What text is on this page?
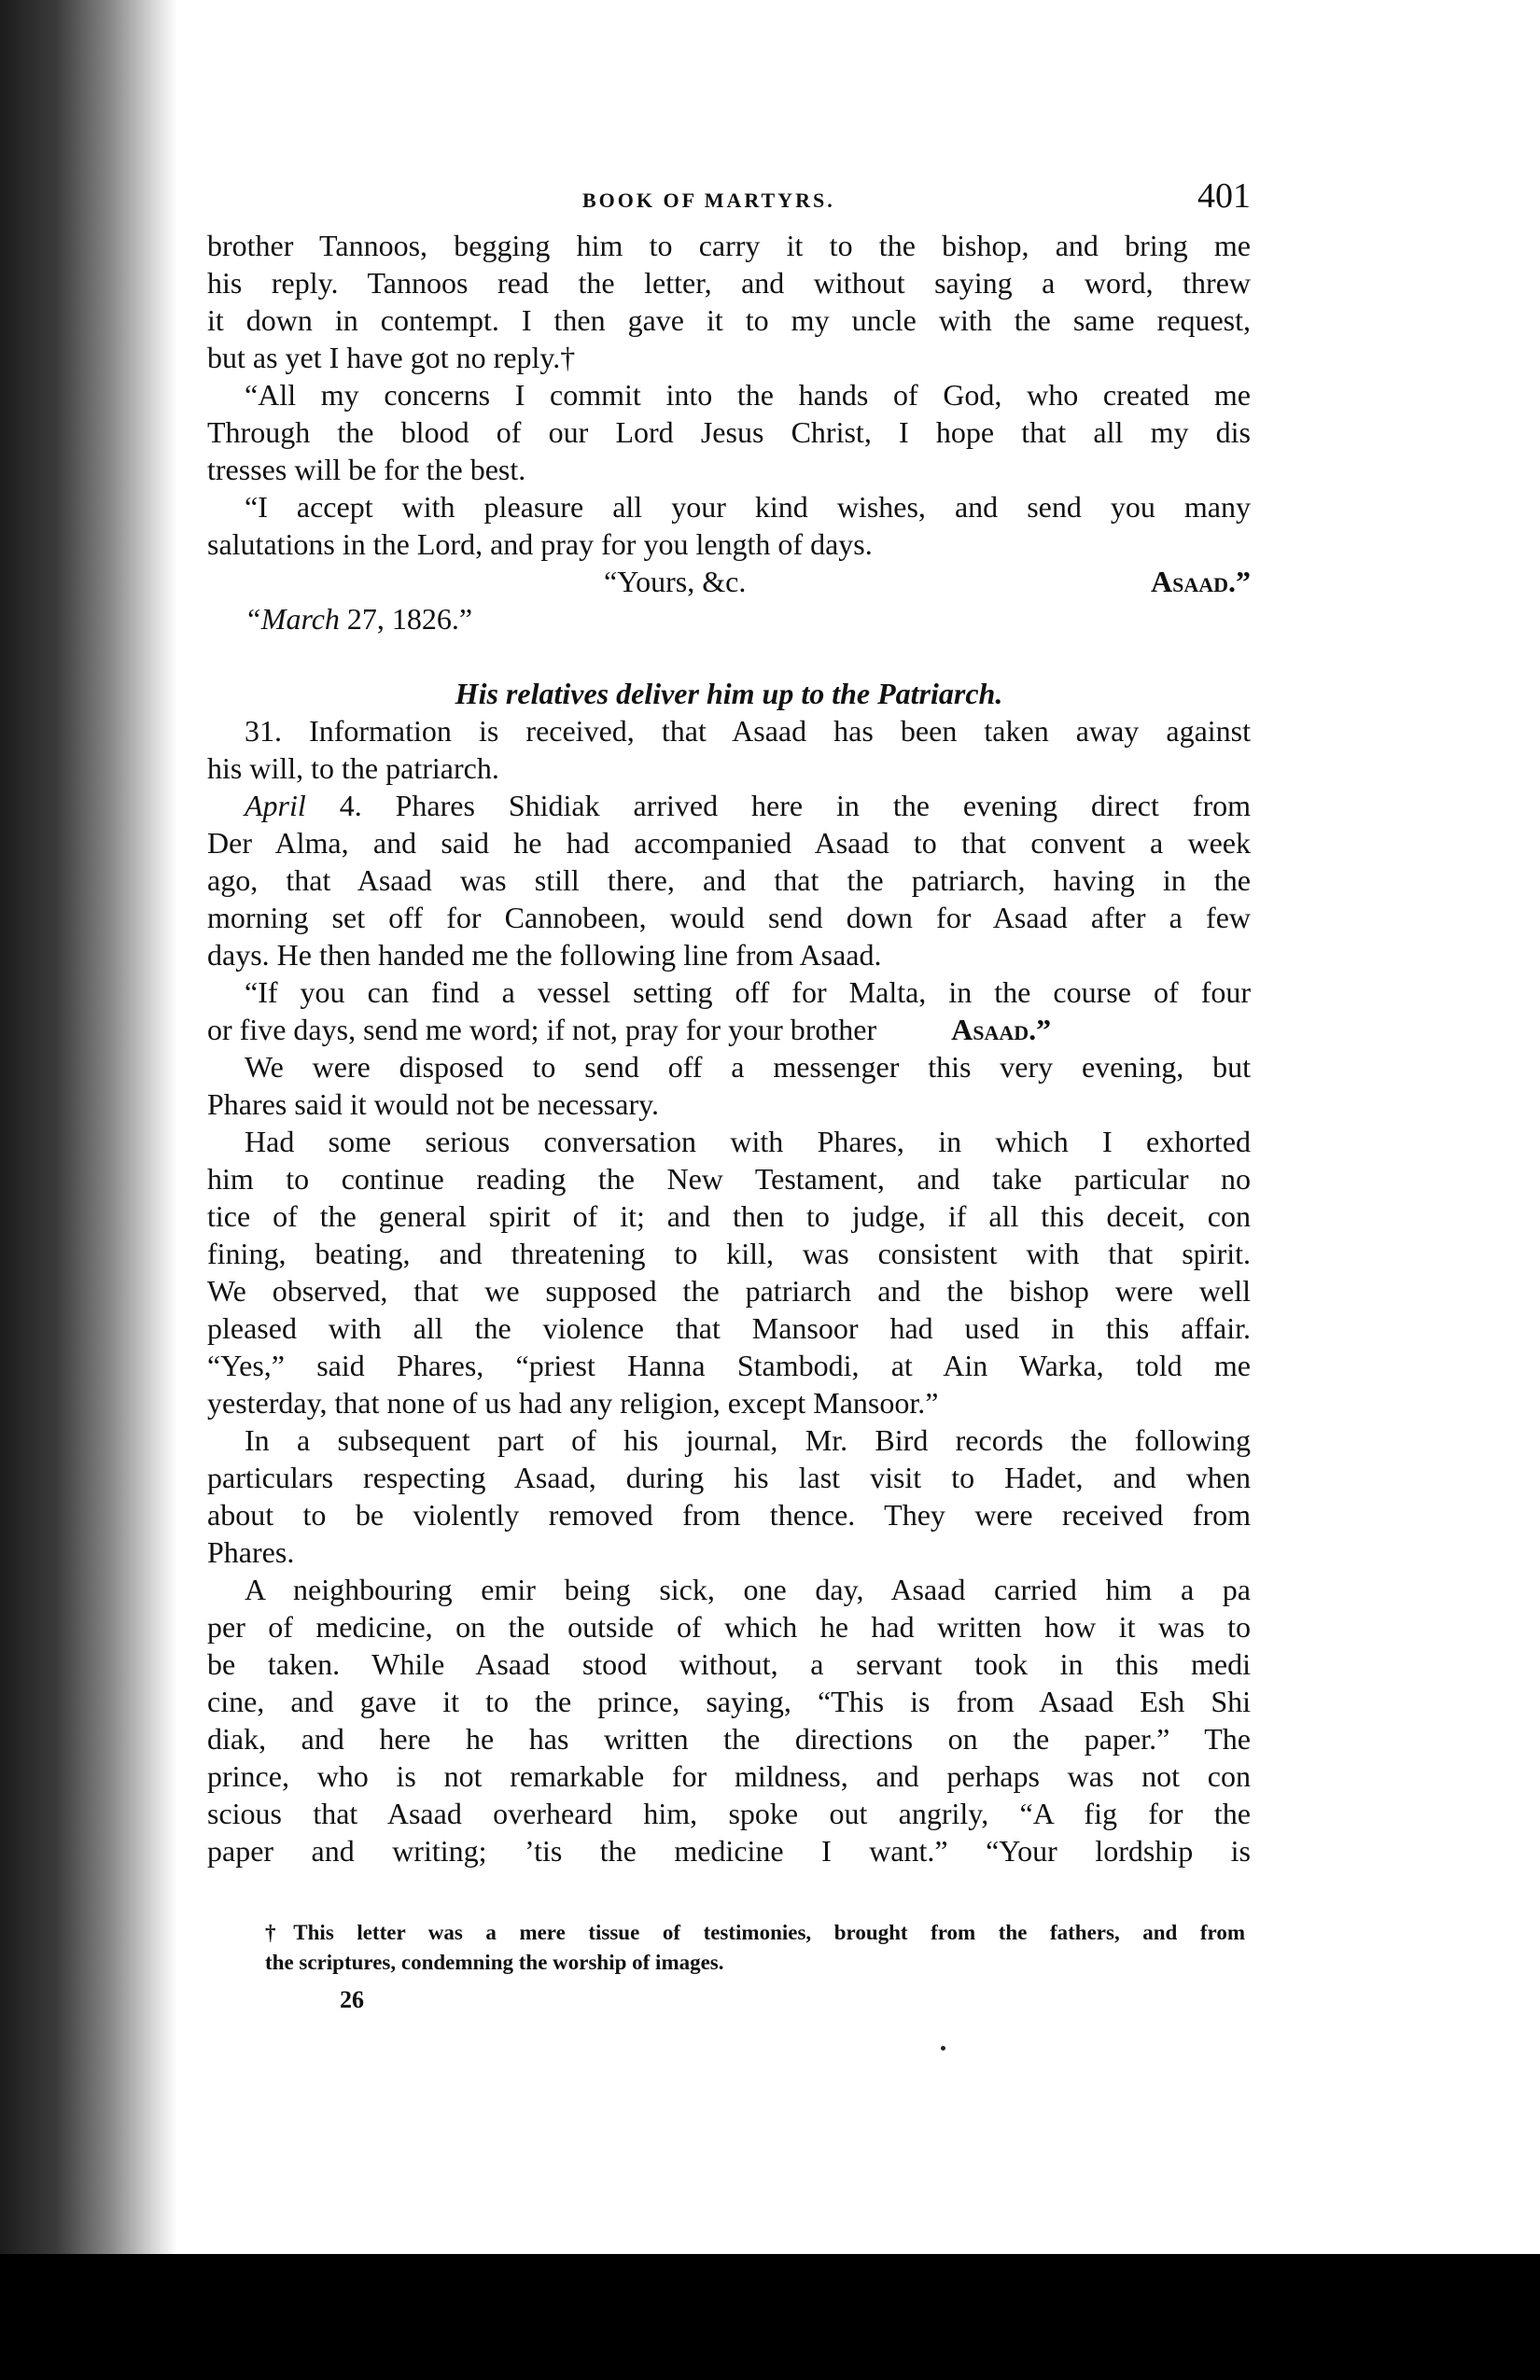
BOOK OF MARTYRS.	401
brother Tannoos, begging him to carry it to the bishop, and bring me
his reply. Tannoos read the letter, and without saying a word, threw
it down in contempt. I then gave it to my uncle with the same request,
but as yet I have got no reply.†
“All my concerns I commit into the hands of God, who created me
Through the blood of our Lord Jesus Christ, I hope that all my dis
tresses will be for the best.
“I accept with pleasure all your kind wishes, and send you many
salutations in the Lord, and pray for you length of days.
“Yours, &c.	Asaad.”
“March 27, 1826.”
His relatives deliver him up to the Patriarch.
31. Information is received, that Asaad has been taken away against
his will, to the patriarch.
April 4. Phares Shidiak arrived here in the evening direct from
Der Alma, and said he had accompanied Asaad to that convent a week
ago, that Asaad was still there, and that the patriarch, having in the
morning set off for Cannobeen, would send down for Asaad after a few
days. He then handed me the following line from Asaad.
“If you can find a vessel setting off for Malta, in the course of four
or five days, send me word; if not, pray for your brother	Asaad.”
We were disposed to send off a messenger this very evening, but
Phares said it would not be necessary.
Had some serious conversation with Phares, in which I exhorted
him to continue reading the New Testament, and take particular no
tice of the general spirit of it; and then to judge, if all this deceit, con
fining, beating, and threatening to kill, was consistent with that spirit.
We observed, that we supposed the patriarch and the bishop were well
pleased with all the violence that Mansoor had used in this affair.
“Yes,” said Phares, “priest Hanna Stambodi, at Ain Warka, told me
yesterday, that none of us had any religion, except Mansoor.”
In a subsequent part of his journal, Mr. Bird records the following
particulars respecting Asaad, during his last visit to Hadet, and when
about to be violently removed from thence. They were received from
Phares.
A neighbouring emir being sick, one day, Asaad carried him a pa
per of medicine, on the outside of which he had written how it was to
be taken. While Asaad stood without, a servant took in this medi
cine, and gave it to the prince, saying, “This is from Asaad Esh Shi
diak, and here he has written the directions on the paper.” The
prince, who is not remarkable for mildness, and perhaps was not con
scious that Asaad overheard him, spoke out angrily, “A fig for the
paper and writing; ’tis the medicine I want.” “Your lordship is
†This letter was a mere tissue of testimonies, brought from the fathers, and from
the scriptures, condemning the worship of images.
26
